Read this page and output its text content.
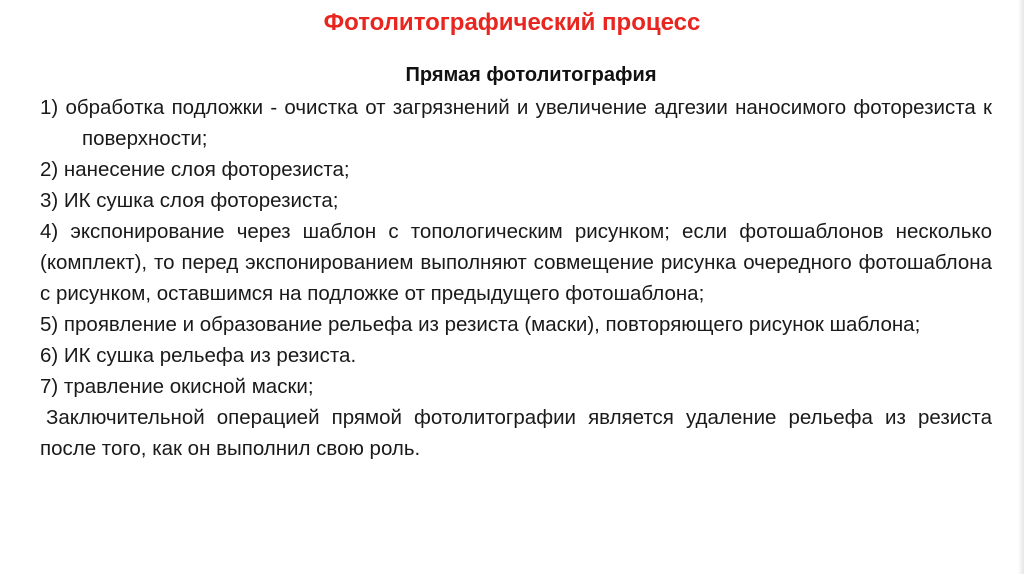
Фотолитографический процесс
Прямая фотолитография
1) обработка подложки - очистка от загрязнений и увеличение адгезии наносимого фоторезиста к поверхности;
2) нанесение слоя фоторезиста;
3) ИК сушка слоя фоторезиста;
4) экспонирование через шаблон с топологическим рисунком; если фотошаблонов несколько (комплект), то перед экспонированием выполняют совмещение рисунка очередного фотошаблона с рисунком, оставшимся на подложке от предыдущего фотошаблона;
5) проявление и образование рельефа из резиста (маски), повторяющего рисунок шаблона;
6) ИК сушка рельефа из резиста.
7) травление окисной маски;
Заключительной операцией прямой фотолитографии является удаление рельефа из резиста после того, как он выполнил свою роль.
